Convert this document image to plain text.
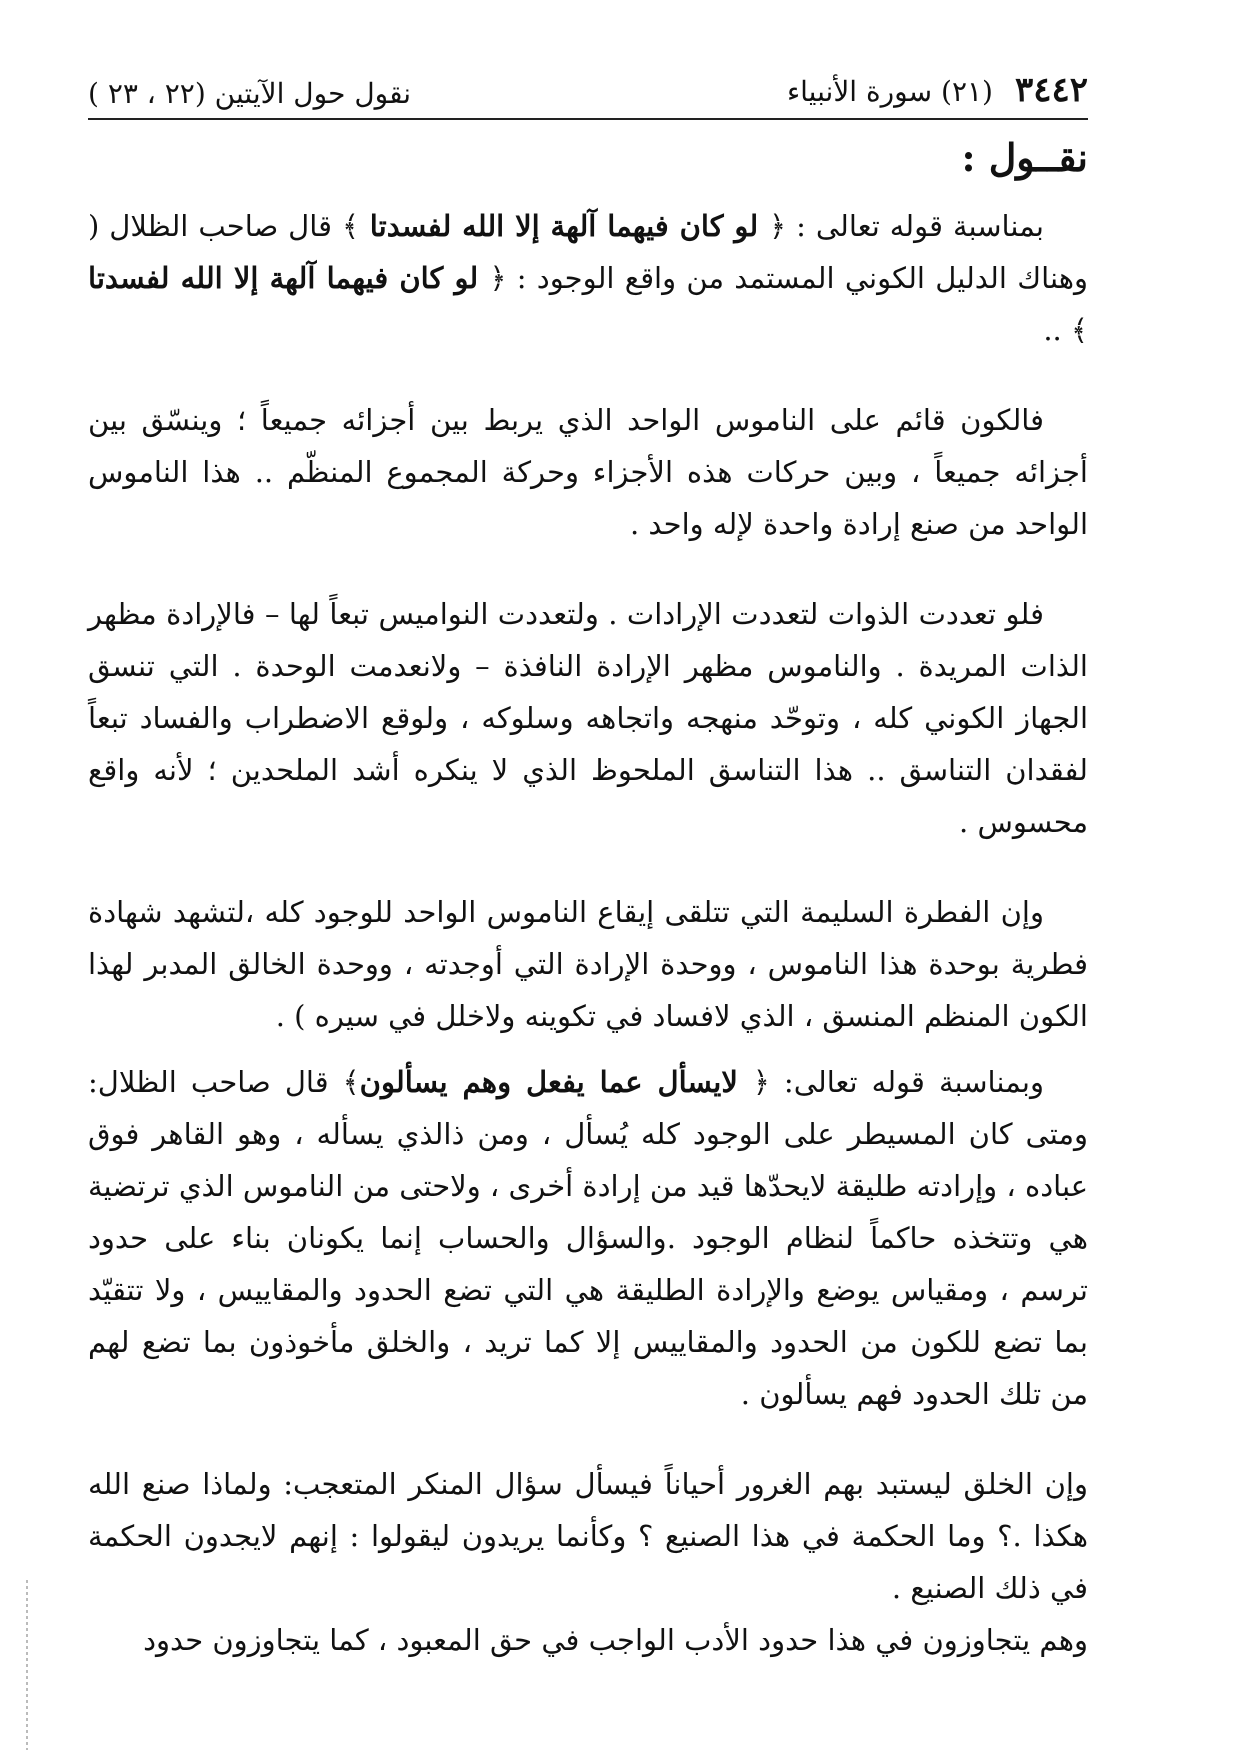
٣٤٤٢
(٢١) سورة الأنبياء
نقول حول الآيتين (٢٢ ، ٢٣ )
نقــول :

بمناسبة قوله تعالى : ﴿ لو كان فيهما آلهة إلا الله لفسدتا ﴾ قال صاحب الظلال ( وهناك الدليل الكوني المستمد من واقع الوجود : ﴿ لو كان فيهما آلهة إلا الله لفسدتا ﴾ ..

فالكون قائم على الناموس الواحد الذي يربط بين أجزائه جميعاً ؛ وينسّق بين أجزائه جميعاً ، وبين حركات هذه الأجزاء وحركة المجموع المنظّم .. هذا الناموس الواحد من صنع إرادة واحدة لإله واحد .

فلو تعددت الذوات لتعددت الإرادات . ولتعددت النواميس تبعاً لها – فالإرادة مظهر الذات المريدة . والناموس مظهر الإرادة النافذة – ولانعدمت الوحدة . التي تنسق الجهاز الكوني كله ، وتوحّد منهجه واتجاهه وسلوكه ، ولوقع الاضطراب والفساد تبعاً لفقدان التناسق .. هذا التناسق الملحوظ الذي لا ينكره أشد الملحدين ؛ لأنه واقع محسوس .

وإن الفطرة السليمة التي تتلقى إيقاع الناموس الواحد للوجود كله ،لتشهد شهادة فطرية بوحدة هذا الناموس ، ووحدة الإرادة التي أوجدته ، ووحدة الخالق المدبر لهذا الكون المنظم المنسق ، الذي لافساد في تكوينه ولاخلل في سيره ) .

وبمناسبة قوله تعالى: ﴿ لايسأل عما يفعل وهم يسألون﴾ قال صاحب الظلال: ومتى كان المسيطر على الوجود كله يُسأل ، ومن ذالذي يسأله ، وهو القاهر فوق عباده ، وإرادته طليقة لايحدّها قيد من إرادة أخرى ، ولاحتى من الناموس الذي ترتضية هي وتتخذه حاكماً لنظام الوجود .والسؤال والحساب إنما يكونان بناء على حدود ترسم ، ومقياس يوضع والإرادة الطليقة هي التي تضع الحدود والمقاييس ، ولا تتقيّد بما تضع للكون من الحدود والمقاييس إلا كما تريد ، والخلق مأخوذون بما تضع لهم من تلك الحدود فهم يسألون .

وإن الخلق ليستبد بهم الغرور أحياناً فيسأل سؤال المنكر المتعجب: ولماذا صنع الله هكذا .؟ وما الحكمة في هذا الصنيع ؟ وكأنما يريدون ليقولوا : إنهم لايجدون الحكمة في ذلك الصنيع .

وهم يتجاوزون في هذا حدود الأدب الواجب في حق المعبود ، كما يتجاوزون حدود
